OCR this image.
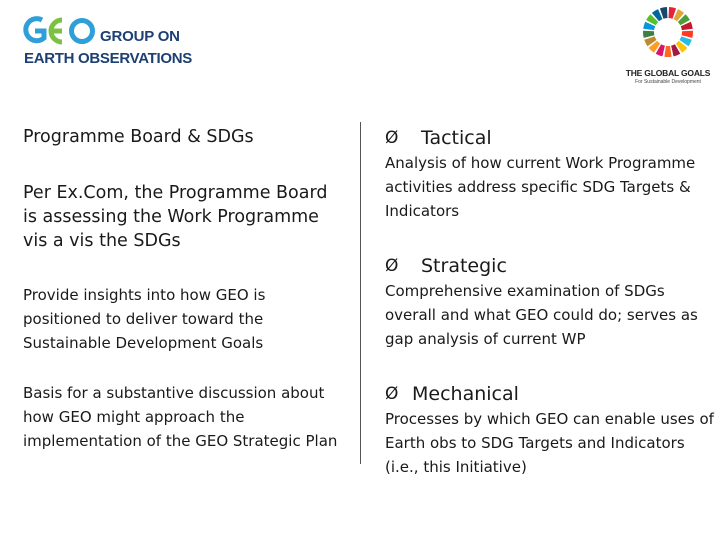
GROUP ON
EARTH OBSERVATIONS
THE GLOBAL GOALS
For Sustainable Development

Programme Board & SDGs

Per Ex.Com, the Programme Board is assessing the Work Programme vis a vis the SDGs

Provide insights into how GEO is positioned to deliver toward the Sustainable Development Goals

Basis for a substantive discussion about how GEO might approach the implementation of the GEO Strategic Plan

Ø	Tactical

Analysis of how current Work Programme activities address specific SDG Targets & Indicators

Ø	Strategic

Comprehensive examination of SDGs overall and what GEO could do; serves as gap analysis of current WP

Ø Mechanical

Processes by which GEO can enable uses of Earth obs to SDG Targets and Indicators (i.e., this Initiative)
